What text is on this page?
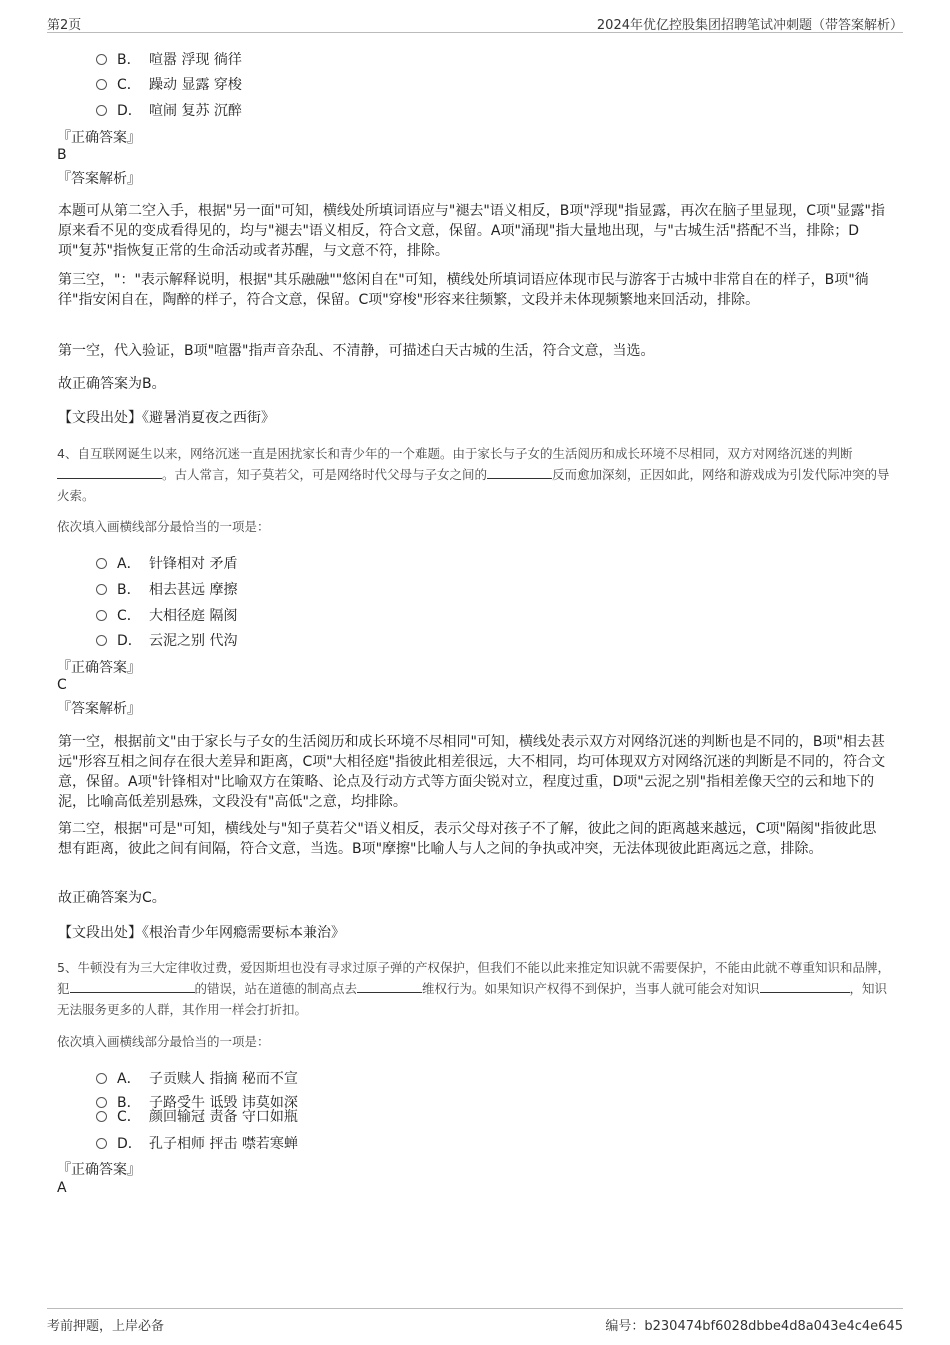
第2页	2024年优亿控股集团招聘笔试冲刺题（带答案解析）
B． 喧嚣 浮现 徜徉
C． 躁动 显露 穿梭
D． 喧闹 复苏 沉醉
『正确答案』
B
『答案解析』
本题可从第二空入手，根据"另一面"可知，横线处所填词语应与"褪去"语义相反，B项"浮现"指显露，再次在脑子里显现，C项"显露"指原来看不见的变成看得见的，均与"褪去"语义相反，符合文意，保留。A项"涌现"指大量地出现，与"古城生活"搭配不当，排除；D项"复苏"指恢复正常的生命活动或者苏醒，与文意不符，排除。
第三空，"："表示解释说明，根据"其乐融融""悠闲自在"可知，横线处所填词语应体现市民与游客于古城中非常自在的样子，B项"徜徉"指安闲自在，陶醉的样子，符合文意，保留。C项"穿梭"形容来往频繁，文段并未体现频繁地来回活动，排除。
第一空，代入验证，B项"喧嚣"指声音杂乱、不清静，可描述白天古城的生活，符合文意，当选。
故正确答案为B。
【文段出处】《避暑消夏夜之西街》
4、自互联网诞生以来，网络沉迷一直是困扰家长和青少年的一个难题。由于家长与子女的生活阅历和成长环境不尽相同，双方对网络沉迷的判断。古人常言，知子莫若父，可是网络时代父母与子女之间的	反而愈加深刻，正因如此，网络和游戏成为引发代际冲突的导火索。
依次填入画横线部分最恰当的一项是：
A． 针锋相对 矛盾
B． 相去甚远 摩擦
C． 大相径庭 隔阂
D． 云泥之别 代沟
『正确答案』
C
『答案解析』
第一空，根据前文"由于家长与子女的生活阅历和成长环境不尽相同"可知，横线处表示双方对网络沉迷的判断也是不同的，B项"相去甚远"形容互相之间存在很大差异和距离，C项"大相径庭"指彼此相差很远，大不相同，均可体现双方对网络沉迷的判断是不同的，符合文意，保留。A项"针锋相对"比喻双方在策略、论点及行动方式等方面尖锐对立，程度过重，D项"云泥之别"指相差像天空的云和地下的泥，比喻高低差别悬殊，文段没有"高低"之意，均排除。
第二空，根据"可是"可知，横线处与"知子莫若父"语义相反，表示父母对孩子不了解，彼此之间的距离越来越远，C项"隔阂"指彼此思想有距离，彼此之间有间隔，符合文意，当选。B项"摩擦"比喻人与人之间的争执或冲突，无法体现彼此距离远之意，排除。
故正确答案为C。
【文段出处】《根治青少年网瘾需要标本兼治》
5、牛顿没有为三大定律收过费，爱因斯坦也没有寻求过原子弹的产权保护，但我们不能以此来推定知识就不需要保护，不能由此就不尊重知识和品牌，犯	的错误，站在道德的制高点去	维权行为。如果知识产权得不到保护，当事人就可能会对知识	，知识无法服务更多的人群，其作用一样会打折扣。
依次填入画横线部分最恰当的一项是：
A． 子贡赎人 指摘 秘而不宣
B． 子路受牛 诋毁 讳莫如深
C． 颜回输冠 责备 守口如瓶
D． 孔子相师 抨击 噤若寒蝉
『正确答案』
A
考前押题，上岸必备	编号：b230474bf6028dbbe4d8a043e4c4e645
